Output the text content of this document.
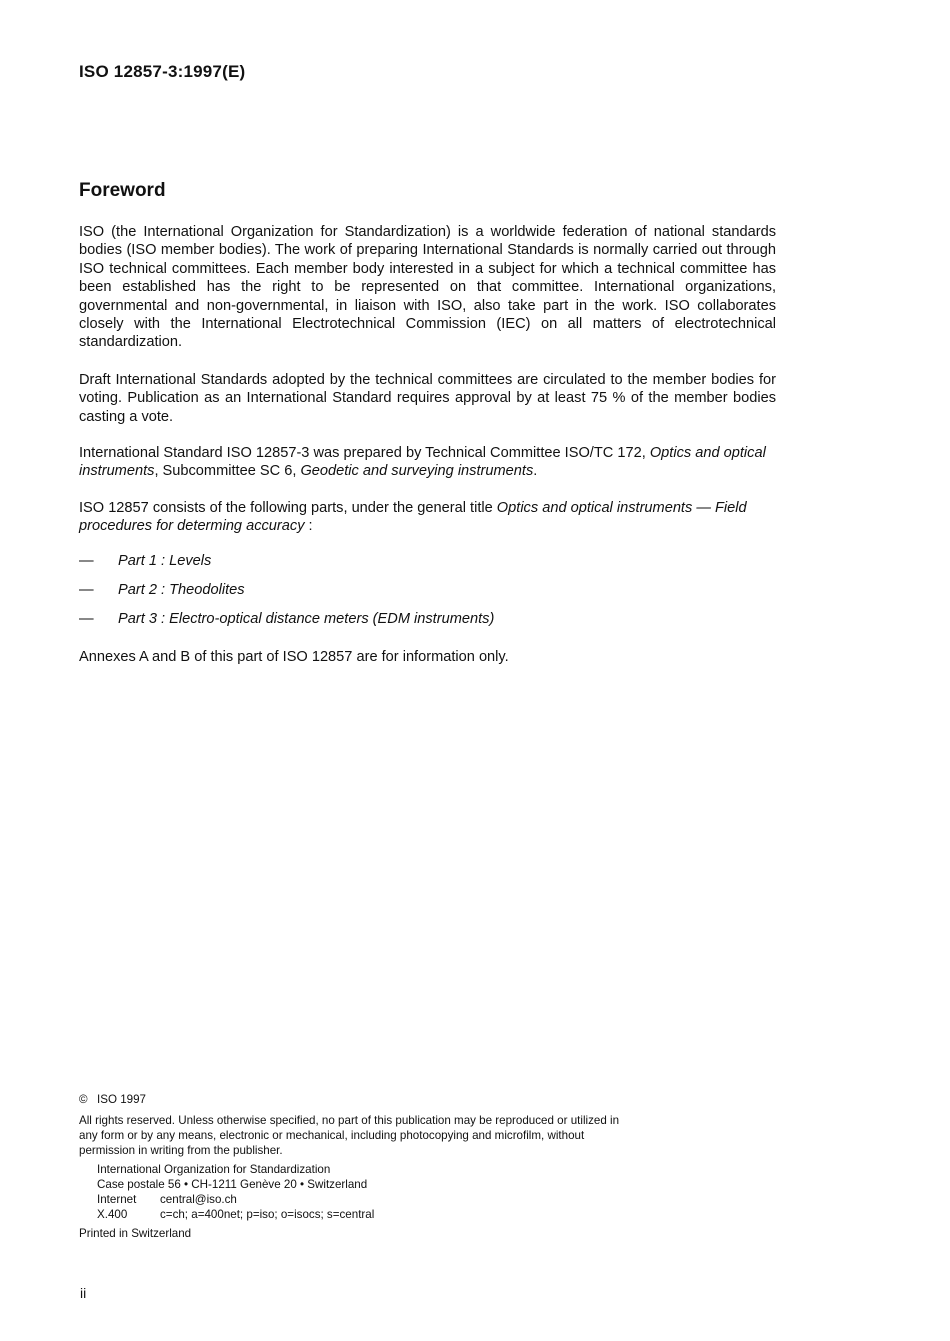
ISO 12857-3:1997(E)
Foreword
ISO (the International Organization for Standardization) is a worldwide federation of national standards bodies (ISO member bodies). The work of preparing International Standards is normally carried out through ISO technical committees. Each member body interested in a subject for which a technical committee has been established has the right to be represented on that committee. International organizations, governmental and non-governmental, in liaison with ISO, also take part in the work. ISO collaborates closely with the International Electrotechnical Commission (IEC) on all matters of electrotechnical standardization.
Draft International Standards adopted by the technical committees are circulated to the member bodies for voting. Publication as an International Standard requires approval by at least 75 % of the member bodies casting a vote.
International Standard ISO 12857-3 was prepared by Technical Committee ISO/TC 172, Optics and optical instruments, Subcommittee SC 6, Geodetic and surveying instruments.
ISO 12857 consists of the following parts, under the general title Optics and optical instruments — Field procedures for determing accuracy :
—	Part 1 : Levels
—	Part 2 : Theodolites
—	Part 3 : Electro-optical distance meters (EDM instruments)
Annexes A and B of this part of ISO 12857 are for information only.
© ISO 1997
All rights reserved. Unless otherwise specified, no part of this publication may be reproduced or utilized in any form or by any means, electronic or mechanical, including photocopying and microfilm, without permission in writing from the publisher.
International Organization for Standardization
Case postale 56 • CH-1211 Genève 20 • Switzerland
Internet	central@iso.ch
X.400	c=ch; a=400net; p=iso; o=isocs; s=central
Printed in Switzerland
ii
